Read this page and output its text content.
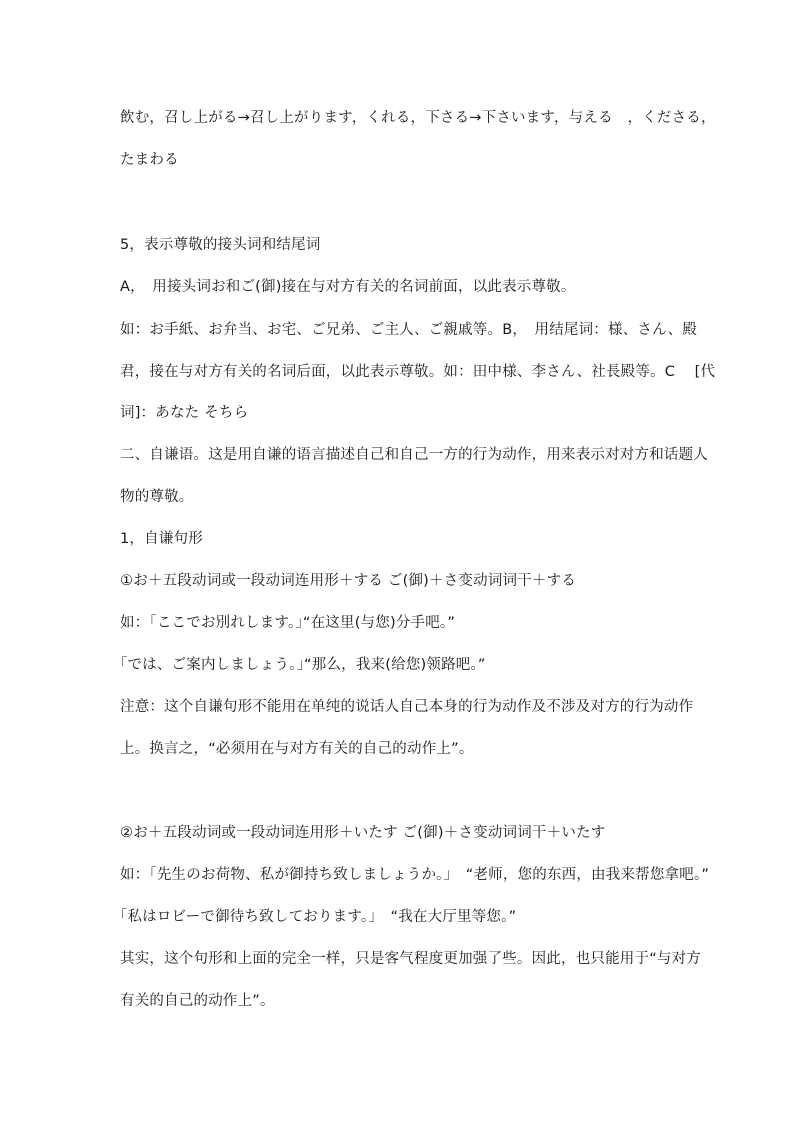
飲む，召し上がる→召し上がります，くれる，下さる→下さいます，与える　，くださる，
たまわる
5，表示尊敬的接头词和结尾词
A，　用接头词お和ご(御)接在与对方有关的名词前面，以此表示尊敬。
如：お手紙、お弁当、お宅、ご兄弟、ご主人、ご親戚等。B，　用结尾词：様、さん、殿
君，接在与对方有关的名词后面，以此表示尊敬。如：田中様、李さん、社長殿等。C　 [代
词]：あなた そちら
二、自谦语。这是用自谦的语言描述自己和自己一方的行为动作，用来表示对对方和话题人
物的尊敬。
1，自谦句形
①お＋五段动词或一段动词连用形＋する ご(御)＋さ变动词词干＋する
如：｢ここでお別れします。｣“在这里(与您)分手吧。”
｢では、ご案内しましょう。｣“那么，我来(给您)领路吧。”
注意：这个自谦句形不能用在单纯的说话人自己本身的行为动作及不涉及对方的行为动作
上。换言之，“必须用在与对方有关的自己的动作上”。
②お＋五段动词或一段动词连用形＋いたす ご(御)＋さ变动词词干＋いたす
如：｢先生のお荷物、私が御持ち致しましょうか。｣　“老师，您的东西，由我来帮您拿吧。”
｢私はロビーで御待ち致しております。｣　“我在大厅里等您。”
其实，这个句形和上面的完全一样，只是客气程度更加强了些。因此，也只能用于“与对方
有关的自己的动作上”。
